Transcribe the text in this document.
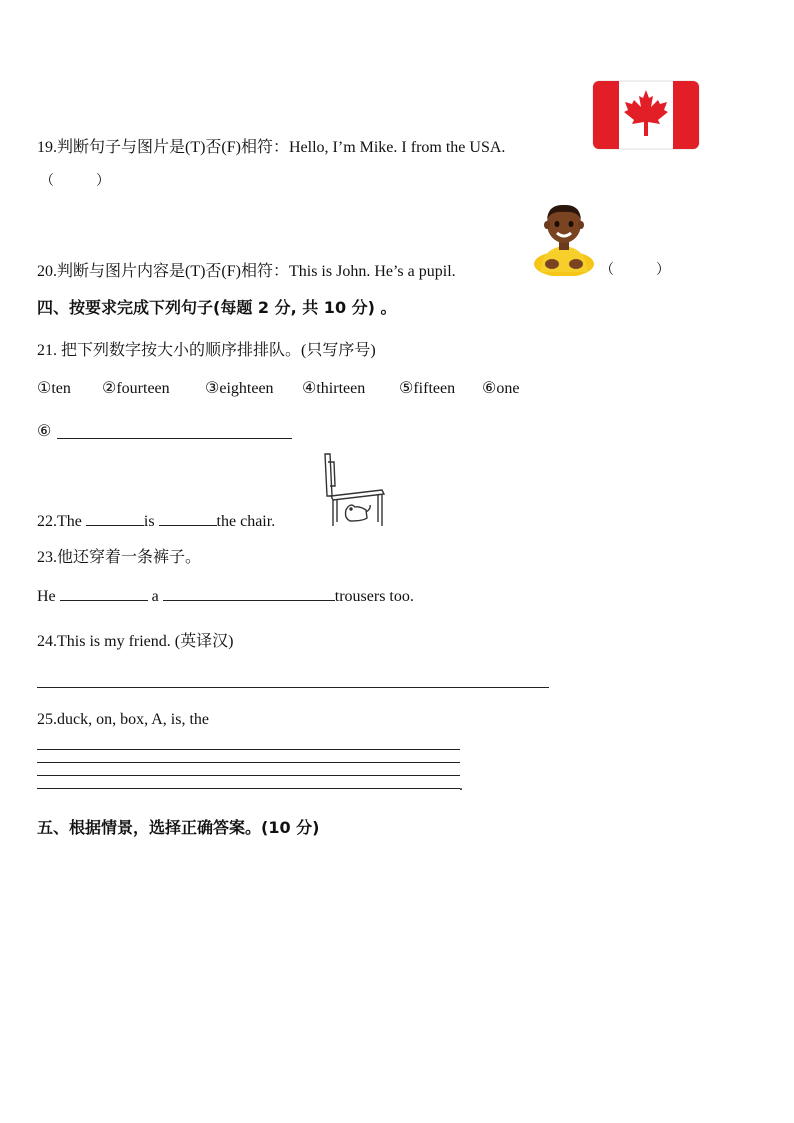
19.判断句子与图片是(T)否(F)相符：Hello, I’m Mike. I from the USA.
（　　　）
20.判断与图片内容是(T)否(F)相符：This is John. He’s a pupil.	（　　　）
四、按要求完成下列句子(每题 2 分, 共 10 分) 。
21. 把下列数字按大小的顺序排排队。(只写序号)
①ten ②fourteen ③eighteen ④thirteen ⑤fifteen ⑥one
⑥
22.The	is	the chair.
23.他还穿着一条裤子。
He	a	trousers too.
24.This is my friend. (英译汉)
25.duck, on, box, A, is, the
.
五、根据情景，选择正确答案。(10 分)
